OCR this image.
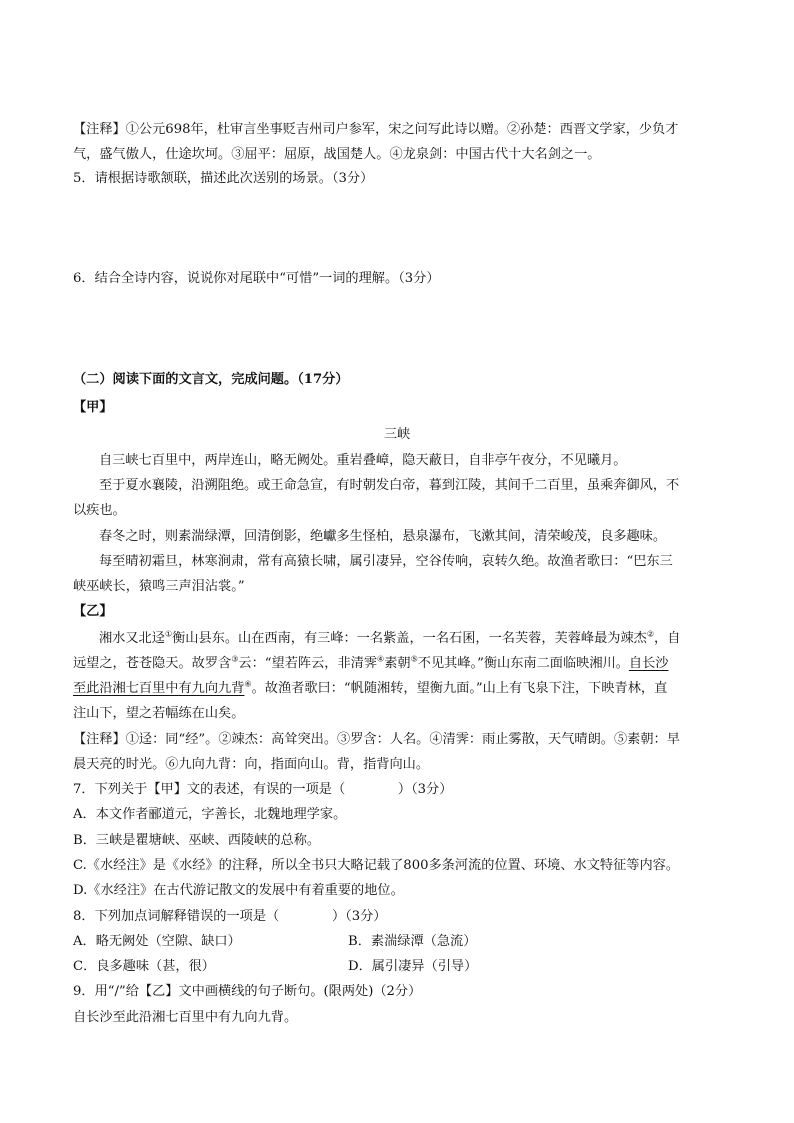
【注释】①公元698年，杜审言坐事贬吉州司户参军，宋之问写此诗以赠。②孙楚：西晋文学家，少负才
气，盛气傲人，仕途坎坷。③屈平：屈原，战国楚人。④龙泉剑：中国古代十大名剑之一。
5．请根据诗歌颔联，描述此次送别的场景。（3分）
6．结合全诗内容，说说你对尾联中“可惜”一词的理解。（3分）
（二）阅读下面的文言文，完成问题。（17分）
【甲】
三峡
自三峡七百里中，两岸连山，略无阙处。重岩叠嶂，隐天蔽日，自非亭午夜分，不见曦月。
至于夏水襄陵，沿溯阻绝。或王命急宣，有时朝发白帝，暮到江陵，其间千二百里，虽乘奔御风，不
以疾也。
春冬之时，则素湍绿潭，回清倒影，绝巘多生怪柏，悬泉瀑布，飞漱其间，清荣峻茂，良多趣味。
每至晴初霜旦，林寒涧肃，常有高猿长啸，属引凄异，空谷传响，哀转久绝。故渔者歌曰：“巴东三
峡巫峡长，猿鸣三声泪沾裳。”
【乙】
湘水又北迳①衡山县东。山在西南，有三峰：一名紫盖，一名石囷，一名芙蓉，芙蓉峰最为竦杰②，自
远望之，苍苍隐天。故罗含③云：“望若阵云，非清霁④素朝⑤不见其峰。”衡山东南二面临映湘川。自长沙
至此沿湘七百里中有九向九背⑥。故渔者歌曰：“帆随湘转，望衡九面。”山上有飞泉下注，下映青林，直
注山下，望之若幅练在山矣。
【注释】①迳：同“经”。②竦杰：高耸突出。③罗含：人名。④清霁：雨止雾散，天气晴朗。⑤素朝：早
晨天亮的时光。⑥九向九背：向，指面向山。背，指背向山。
7．下列关于【甲】文的表述，有误的一项是（　　　　）（3分）
A．本文作者郦道元，字善长，北魏地理学家。
B．三峡是瞿塘峡、巫峡、西陵峡的总称。
C.《水经注》是《水经》的注释，所以全书只大略记载了800多条河流的位置、环境、水文特征等内容。
D.《水经注》在古代游记散文的发展中有着重要的地位。
8．下列加点词解释错误的一项是（　　　　）（3分）
A．略无阙处（空隙、缺口）	B．素湍绿潭（急流）
C．良多趣味（甚，很）	D．属引凄异（引导）
9．用“/”给【乙】文中画横线的句子断句。(限两处)（2分）
自长沙至此沿湘七百里中有九向九背。
